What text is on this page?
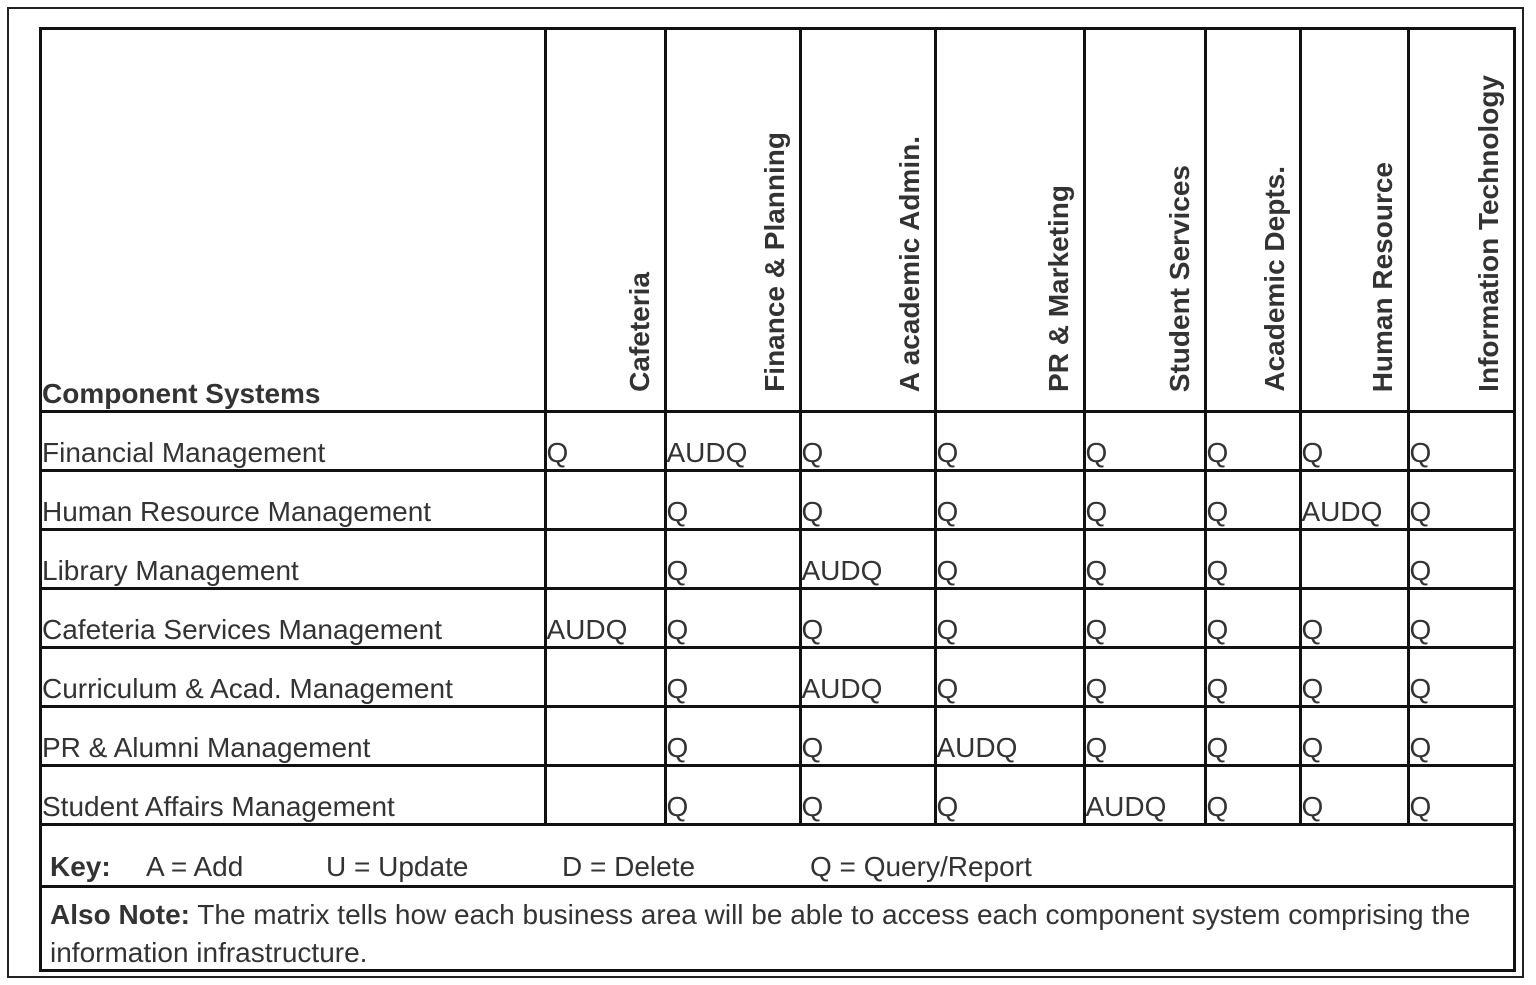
Component Systems	Cafeteria	Finance & Planning	A academic Admin.	PR & Marketing	Student Services	Academic Depts.	Human Resource	Information Technology

Financial Management	Q	AUDQ	Q	Q	Q	Q	Q	Q
Human Resource Management		Q	Q	Q	Q	Q	AUDQ	Q
Library Management		Q	AUDQ	Q	Q	Q		Q
Cafeteria Services Management	AUDQ	Q	Q	Q	Q	Q	Q	Q
Curriculum & Acad. Management		Q	AUDQ	Q	Q	Q	Q	Q
PR & Alumni Management		Q	Q	AUDQ	Q	Q	Q	Q
Student Affairs Management		Q	Q	Q	AUDQ	Q	Q	Q
Key: A = Add	U = Update	D = Delete	Q = Query/Report
Also Note: The matrix tells how each business area will be able to access each component system comprising the information infrastructure.
